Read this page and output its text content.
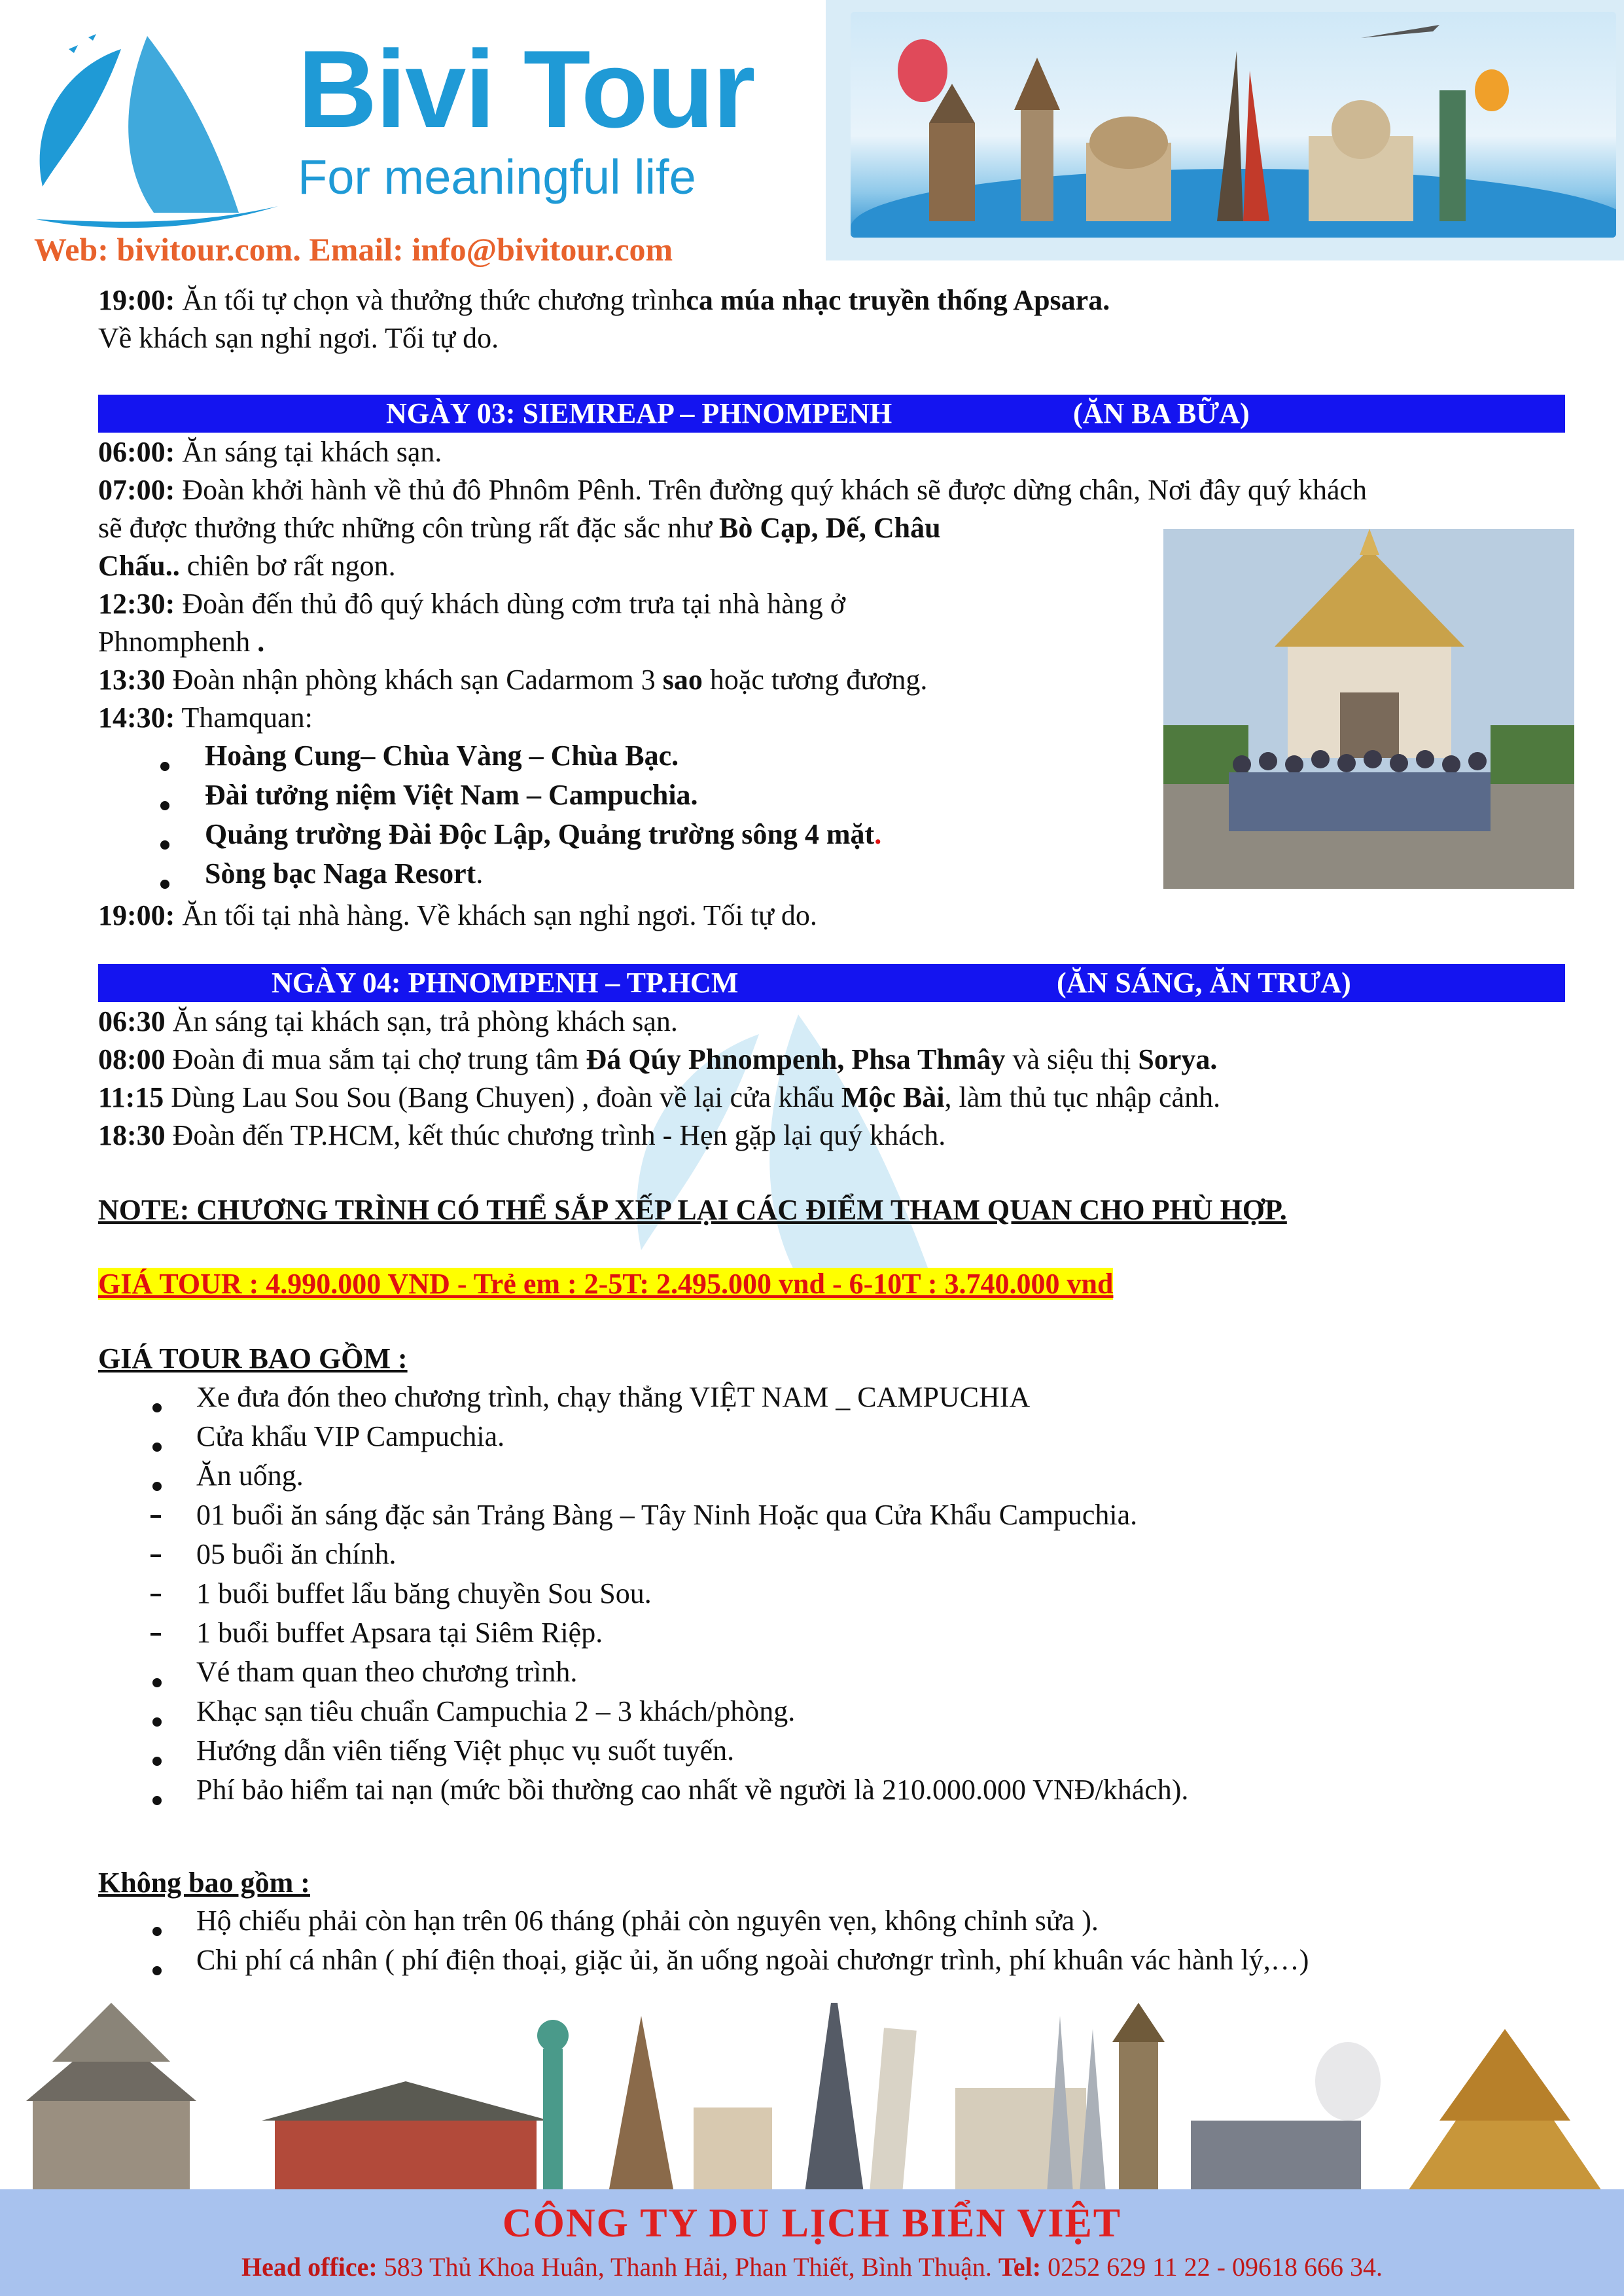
Bivi Tour
For meaningful life
Web: bivitour.com. Email: info@bivitour.com
19:00: Ăn tối tự chọn và thưởng thức chương trìnhca múa nhạc truyền thống Apsara.
Về khách sạn nghỉ ngơi. Tối tự do.
NGÀY 03: SIEMREAP – PHNOMPENH	(ĂN BA BỮA)
06:00: Ăn sáng tại khách sạn.
07:00: Đoàn khởi hành về thủ đô Phnôm Pênh. Trên đường quý khách sẽ được dừng chân, Nơi đây quý khách
sẽ được thưởng thức những côn trùng rất đặc sắc như Bò Cạp, Dế, Châu
Chấu.. chiên bơ rất ngon.
12:30: Đoàn đến thủ đô quý khách dùng cơm trưa tại nhà hàng ở
Phnomphenh .
13:30 Đoàn nhận phòng khách sạn Cadarmom 3 sao hoặc tương đương.
14:30: Thamquan:
Hoàng Cung– Chùa Vàng – Chùa Bạc.
Đài tưởng niệm Việt Nam – Campuchia.
Quảng trường Đài Độc Lập, Quảng trường sông 4 mặt.
Sòng bạc Naga Resort.
19:00: Ăn tối tại nhà hàng. Về khách sạn nghỉ ngơi. Tối tự do.
NGÀY 04: PHNOMPENH – TP.HCM	(ĂN SÁNG, ĂN TRƯA)
06:30 Ăn sáng tại khách sạn, trả phòng khách sạn.
08:00 Đoàn đi mua sắm tại chợ trung tâm Đá Qúy Phnompenh, Phsa Thmây và siệu thị Sorya.
11:15 Dùng Lau Sou Sou (Bang Chuyen) , đoàn về lại cửa khẩu Mộc Bài, làm thủ tục nhập cảnh.
18:30 Đoàn đến TP.HCM, kết thúc chương trình - Hẹn gặp lại quý khách.
NOTE: CHƯƠNG TRÌNH CÓ THỂ SẮP XẾP LẠI CÁC ĐIỂM THAM QUAN CHO PHÙ HỢP.
GIÁ TOUR : 4.990.000 VND - Trẻ em : 2-5T: 2.495.000 vnd - 6-10T : 3.740.000 vnd
GIÁ TOUR BAO GỒM :
Xe đưa đón theo chương trình, chạy thẳng VIỆT NAM _ CAMPUCHIA
Cửa khẩu VIP Campuchia.
Ăn uống.
01 buổi ăn sáng đặc sản Trảng Bàng – Tây Ninh Hoặc qua Cửa Khẩu Campuchia.
05 buổi ăn chính.
1 buổi buffet lẩu băng chuyền Sou Sou.
1 buổi buffet Apsara tại Siêm Riệp.
Vé tham quan theo chương trình.
Khạc sạn tiêu chuẩn Campuchia 2 – 3 khách/phòng.
Hướng dẫn viên tiếng Việt phục vụ suốt tuyến.
Phí bảo hiểm tai nạn (mức bồi thường cao nhất về người là 210.000.000 VNĐ/khách).
Không bao gồm :
Hộ chiếu phải còn hạn trên 06 tháng (phải còn nguyên vẹn, không chỉnh sửa ).
Chi phí cá nhân ( phí điện thoại, giặc ủi, ăn uống ngoài chươngr trình, phí khuân vác hành lý,…)
CÔNG TY DU LỊCH BIỂN VIỆT
Head office: 583 Thủ Khoa Huân, Thanh Hải, Phan Thiết, Bình Thuận. Tel: 0252 629 11 22 - 09618 666 34.
